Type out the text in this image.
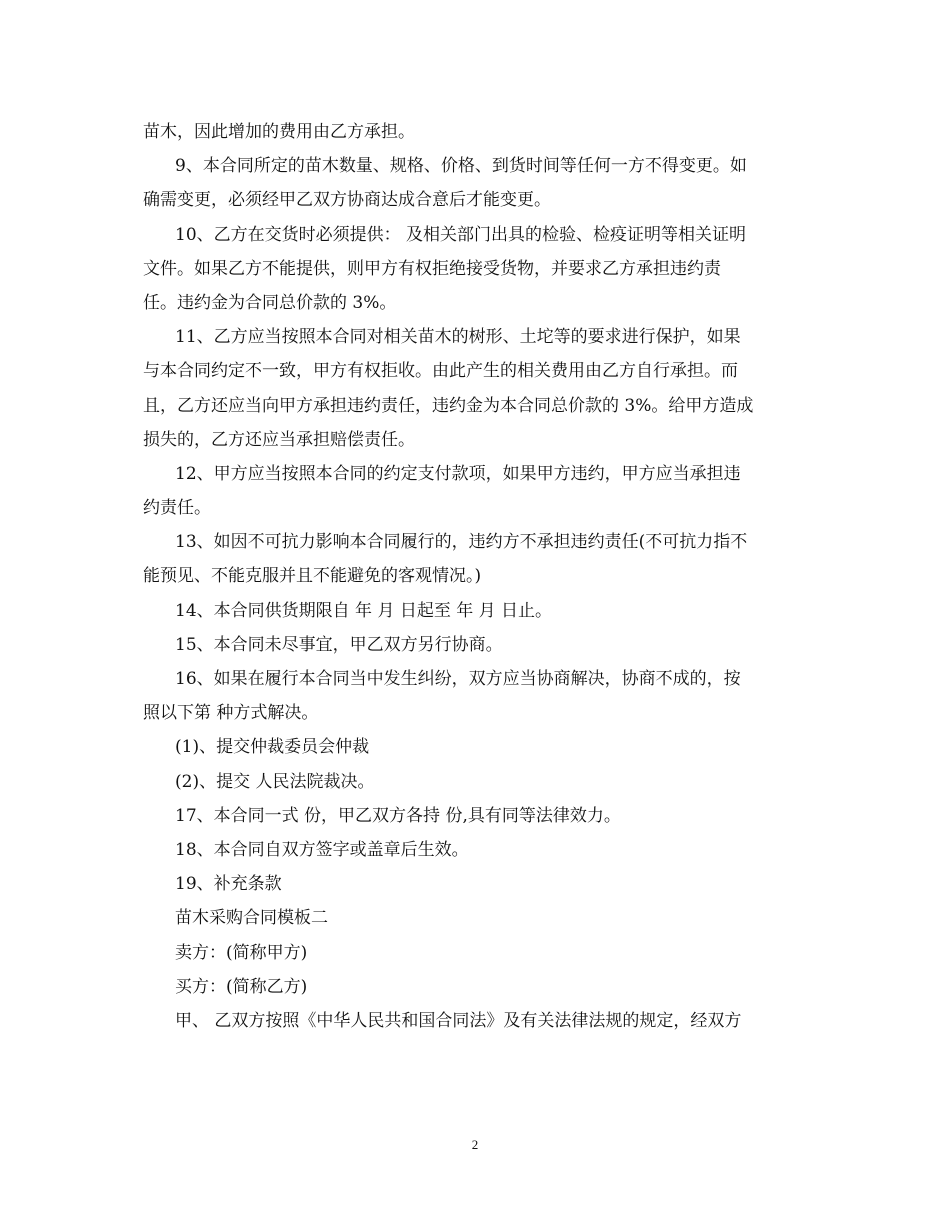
苗木，因此增加的费用由乙方承担。
9、本合同所定的苗木数量、规格、价格、到货时间等任何一方不得变更。如
确需变更，必须经甲乙双方协商达成合意后才能变更。
10、乙方在交货时必须提供： 及相关部门出具的检验、检疫证明等相关证明
文件。如果乙方不能提供，则甲方有权拒绝接受货物，并要求乙方承担违约责
任。违约金为合同总价款的 3%。
11、乙方应当按照本合同对相关苗木的树形、土坨等的要求进行保护，如果
与本合同约定不一致，甲方有权拒收。由此产生的相关费用由乙方自行承担。而
且，乙方还应当向甲方承担违约责任，违约金为本合同总价款的 3%。给甲方造成
损失的，乙方还应当承担赔偿责任。
12、甲方应当按照本合同的约定支付款项，如果甲方违约，甲方应当承担违
约责任。
13、如因不可抗力影响本合同履行的，违约方不承担违约责任(不可抗力指不
能预见、不能克服并且不能避免的客观情况。)
14、本合同供货期限自 年 月 日起至 年 月 日止。
15、本合同未尽事宜，甲乙双方另行协商。
16、如果在履行本合同当中发生纠纷，双方应当协商解决，协商不成的，按
照以下第 种方式解决。
(1)、提交仲裁委员会仲裁
(2)、提交 人民法院裁决。
17、本合同一式 份，甲乙双方各持 份,具有同等法律效力。
18、本合同自双方签字或盖章后生效。
19、补充条款
苗木采购合同模板二
卖方：(简称甲方)
买方：(简称乙方)
甲、 乙双方按照《中华人民共和国合同法》及有关法律法规的规定，经双方
2
